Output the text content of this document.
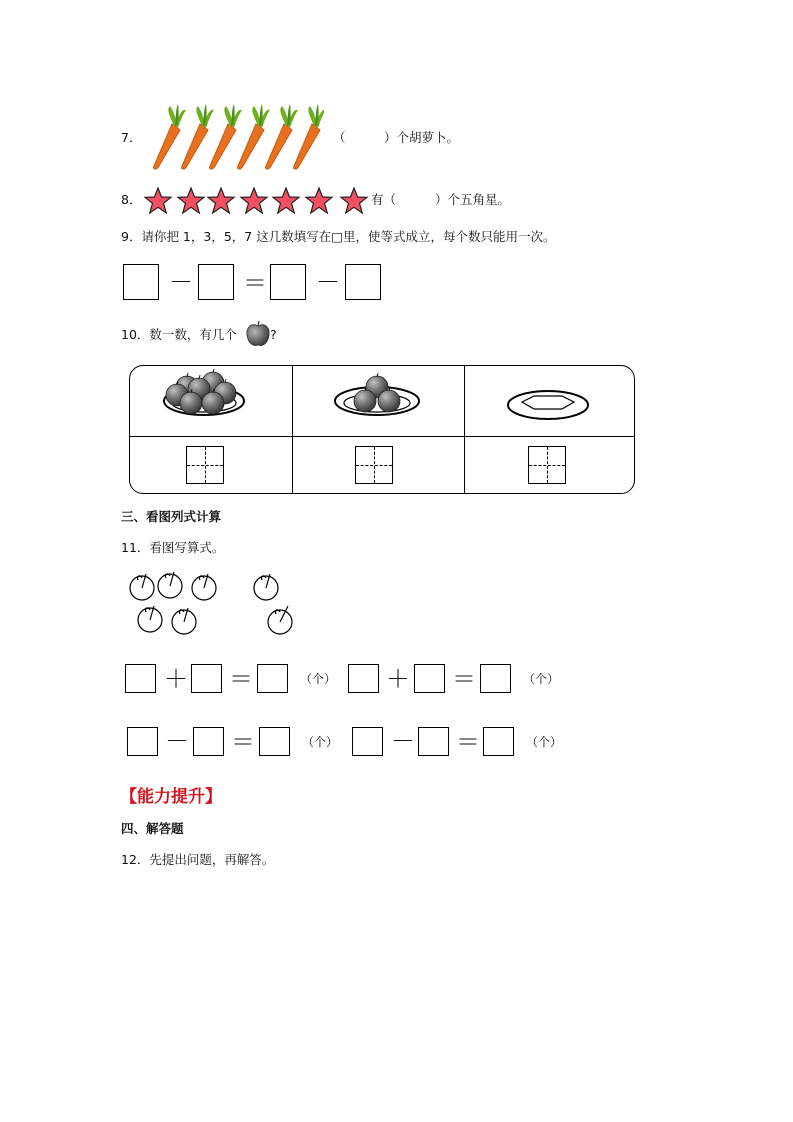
7．	（	）个胡萝卜。
8．	有（	）个五角星。
9．请你把 1，3，5，7 这几数填写在□里，使等式成立，每个数只能用一次。
－ ＝ －
10．数一数，有几个	?
三、看图列式计算
11．看图写算式。
＋ ＝	（个） ＋ ＝	（个）
－ ＝	（个） － ＝	（个）
【能力提升】
四、解答题
12．先提出问题，再解答。
